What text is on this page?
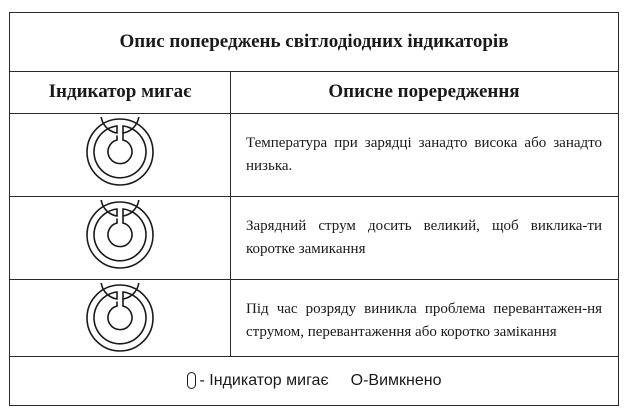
Опис попереджень світлодіодних індикаторів
Індикатор мигає	Описне порередження
Температура при зарядці занадто висока або занадто низька.
Зарядний струм досить великий, щоб виклика-ти коротке замикання
Під час розряду виникла проблема перевантажен-ня струмом, перевантаження або коротко замікання
- Індикатор мигає О-Вимкнено
